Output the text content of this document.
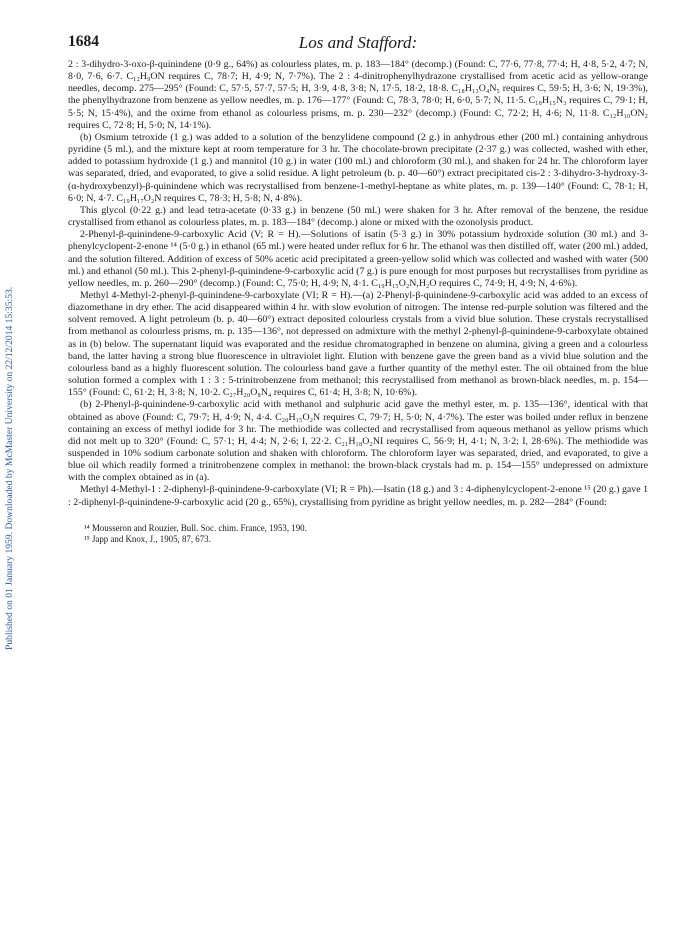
Published on 01 January 1959. Downloaded by McMaster University on 22/12/2014 15:35:53.
1684	Los and Stafford:

2 : 3-dihydro-3-oxo-β-quinindene (0·9 g., 64%) as colourless plates, m. p. 183—184° (decomp.) (Found: C, 77·6, 77·8, 77·4; H, 4·8, 5·2, 4·7; N, 8·0, 7·6, 6·7. C₁₂H₉ON requires C, 78·7; H, 4·9; N, 7·7%). The 2 : 4-dinitrophenylhydrazone crystallised from acetic acid as yellow-orange needles, decomp. 275—295° (Found: C, 57·5, 57·7, 57·5; H, 3·9, 4·8, 3·8; N, 17·5, 18·2, 18·8. C₁₈H₁₃O₄N₅ requires C, 59·5; H, 3·6; N, 19·3%), the phenylhydrazone from benzene as yellow needles, m. p. 176—177° (Found: C, 78·3, 78·0; H, 6·0, 5·7; N, 11·5. C₁₈H₁₅N₃ requires C, 79·1; H, 5·5; N, 15·4%), and the oxime from ethanol as colourless prisms, m. p. 230—232° (decomp.) (Found: C, 72·2; H, 4·6; N, 11·8. C₁₂H₁₀ON₂ requires C, 72·8; H, 5·0; N, 14·1%).

(b) Osmium tetroxide (1 g.) was added to a solution of the benzylidene compound (2 g.) in anhydrous ether (200 ml.) containing anhydrous pyridine (5 ml.), and the mixture kept at room temperature for 3 hr. The chocolate-brown precipitate (2·37 g.) was collected, washed with ether, added to potassium hydroxide (1 g.) and mannitol (10 g.) in water (100 ml.) and chloroform (30 ml.), and shaken for 24 hr. The chloroform layer was separated, dried, and evaporated, to give a solid residue. A light petroleum (b. p. 40—60°) extract precipitated cis-2 : 3-dihydro-3-hydroxy-3-(α-hydroxybenzyl)-β-quinindene which was recrystallised from benzene-1-methyl-heptane as white plates, m. p. 139—140° (Found: C, 78·1; H, 6·0; N, 4·7. C₁₉H₁₇O₂N requires C, 78·3; H, 5·8; N, 4·8%).

This glycol (0·22 g.) and lead tetra-acetate (0·33 g.) in benzene (50 ml.) were shaken for 3 hr. After removal of the benzene, the residue crystallised from ethanol as colourless plates, m. p. 183—184° (decomp.) alone or mixed with the ozonolysis product.

2-Phenyl-β-quinindene-9-carboxylic Acid (V; R = H).—Solutions of isatin (5·3 g.) in 30% potassium hydroxide solution (30 ml.) and 3-phenylcyclopent-2-enone ¹⁴ (5·0 g.) in ethanol (65 ml.) were heated under reflux for 6 hr. The ethanol was then distilled off, water (200 ml.) added, and the solution filtered. Addition of excess of 50% acetic acid precipitated a green-yellow solid which was collected and washed with water (500 ml.) and ethanol (50 ml.). This 2-phenyl-β-quinindene-9-carboxylic acid (7 g.) is pure enough for most purposes but recrystallises from pyridine as yellow needles, m. p. 260—290° (decomp.) (Found: C, 75·0; H, 4·9; N, 4·1. C₁₉H₁₅O₂N,H₂O requires C, 74·9; H, 4·9; N, 4·6%).

Methyl 4-Methyl-2-phenyl-β-quinindene-9-carboxylate (VI; R = H).—(a) 2-Phenyl-β-quinindene-9-carboxylic acid was added to an excess of diazomethane in dry ether. The acid disappeared within 4 hr. with slow evolution of nitrogen. The intense red-purple solution was filtered and the solvent removed. A light petroleum (b. p. 40—60°) extract deposited colourless crystals from a vivid blue solution. These crystals recrystallised from methanol as colourless prisms, m. p. 135—136°, not depressed on admixture with the methyl 2-phenyl-β-quinindene-9-carboxylate obtained as in (b) below. The supernatant liquid was evaporated and the residue chromatographed in benzene on alumina, giving a green and a colourless band, the latter having a strong blue fluorescence in ultraviolet light. Elution with benzene gave the green band as a vivid blue solution and the colourless band as a highly fluorescent solution. The colourless band gave a further quantity of the methyl ester. The oil obtained from the blue solution formed a complex with 1 : 3 : 5-trinitrobenzene from methanol; this recrystallised from methanol as brown-black needles, m. p. 154—155° (Found: C, 61·2; H, 3·8; N, 10·2. C₂₇H₂₀O₈N₄ requires C, 61·4; H, 3·8; N, 10·6%).

(b) 2-Phenyl-β-quinindene-9-carboxylic acid with methanol and sulphuric acid gave the methyl ester, m. p. 135—136°, identical with that obtained as above (Found: C, 79·7; H, 4·9; N, 4·4. C₂₀H₁₅O₂N requires C, 79·7; H, 5·0; N, 4·7%). The ester was boiled under reflux in benzene containing an excess of methyl iodide for 3 hr. The methiodide was collected and recrystallised from aqueous methanol as yellow prisms which did not melt up to 320° (Found: C, 57·1; H, 4·4; N, 2·6; I, 22·2. C₂₁H₁₈O₂NI requires C, 56·9; H, 4·1; N, 3·2; I, 28·6%). The methiodide was suspended in 10% sodium carbonate solution and shaken with chloroform. The chloroform layer was separated, dried, and evaporated, to give a blue oil which readily formed a trinitrobenzene complex in methanol: the brown-black crystals had m. p. 154—155° undepressed on admixture with the complex obtained as in (a).

Methyl 4-Methyl-1 : 2-diphenyl-β-quinindene-9-carboxylate (VI; R = Ph).—Isatin (18 g.) and 3 : 4-diphenylcyclopent-2-enone ¹⁵ (20 g.) gave 1 : 2-diphenyl-β-quinindene-9-carboxylic acid (20 g., 65%), crystallising from pyridine as bright yellow needles, m. p. 282—284° (Found:

¹⁴ Mousseron and Rouzier, Bull. Soc. chim. France, 1953, 190.
¹⁵ Japp and Knox, J., 1905, 87, 673.
